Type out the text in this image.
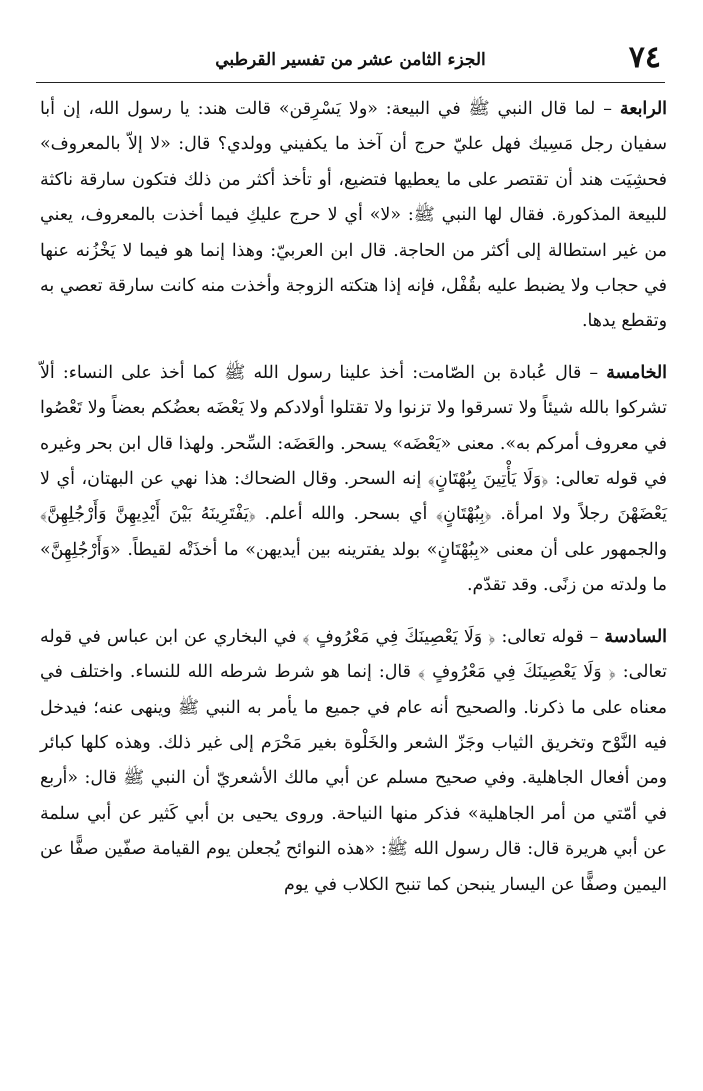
٧٤
الجزء الثامن عشر من تفسير القرطبي

الرابعة – لما قال النبي ﷺ في البيعة: «ولا يَسْرِقن» قالت هند: يا رسول الله، إن أبا سفيان رجل مَسِيك فهل عليّ حرج أن آخذ ما يكفيني وولدي؟ قال: «لا إلاّ بالمعروف» فحشِيَت هند أن تقتصر على ما يعطيها فتضيع، أو تأخذ أكثر من ذلك فتكون سارقة ناكثة للبيعة المذكورة. فقال لها النبي ﷺ: «لا» أي لا حرج عليكِ فيما أخذت بالمعروف، يعني من غير استطالة إلى أكثر من الحاجة. قال ابن العربيّ: وهذا إنما هو فيما لا يَخْزُنه عنها في حجاب ولا يضبط عليه بقُفْل، فإنه إذا هتكته الزوجة وأخذت منه كانت سارقة تعصي به وتقطع يدها.

الخامسة – قال عُبادة بن الصّامت: أخذ علينا رسول الله ﷺ كما أخذ على النساء: ألاّ تشركوا بالله شيئاً ولا تسرقوا ولا تزنوا ولا تقتلوا أولادكم ولا يَعْضَه بعضُكم بعضاً ولا تَعْصُوا في معروف أمركم به». معنى «يَعْضَه» يسحر. والعَضَه: السِّحر. ولهذا قال ابن بحر وغيره في قوله تعالى: ﴿وَلَا يَأْتِينَ بِبُهْتَانٍ﴾ إنه السحر. وقال الضحاك: هذا نهي عن البهتان، أي لا يَعْضَهْنَ رجلاً ولا امرأة. ﴿بِبُهْتَانٍ﴾ أي بسحر. والله أعلم. ﴿يَفْتَرِينَهُ بَيْنَ أَيْدِيهِنَّ وَأَرْجُلِهِنَّ﴾ والجمهور على أن معنى «بِبُهْتَانٍ» بولد يفترينه بين أيديهن» ما أخذَتْه لقيطاً. «وَأَرْجُلِهِنَّ» ما ولدته من زنًى. وقد تقدّم.

السادسة – قوله تعالى: ﴿ وَلَا يَعْصِينَكَ فِي مَعْرُوفٍ ﴾ في البخاري عن ابن عباس في قوله تعالى: ﴿ وَلَا يَعْصِينَكَ فِي مَعْرُوفٍ ﴾ قال: إنما هو شرط شرطه الله للنساء. واختلف في معناه على ما ذكرنا. والصحيح أنه عام في جميع ما يأمر به النبي ﷺ وينهى عنه؛ فيدخل فيه النَّوْح وتخريق الثياب وجَزّ الشعر والخَلْوة بغير مَحْرَم إلى غير ذلك. وهذه كلها كبائر ومن أفعال الجاهلية. وفي صحيح مسلم عن أبي مالك الأشعريّ أن النبي ﷺ قال: «أربع في أمّتي من أمر الجاهلية» فذكر منها النياحة. وروى يحيى بن أبي كَثير عن أبي سلمة عن أبي هريرة قال: قال رسول الله ﷺ: «هذه النوائح يُجعلن يوم القيامة صفّين صفًّا عن اليمين وصفًّا عن اليسار ينبحن كما تنبح الكلاب في يوم
